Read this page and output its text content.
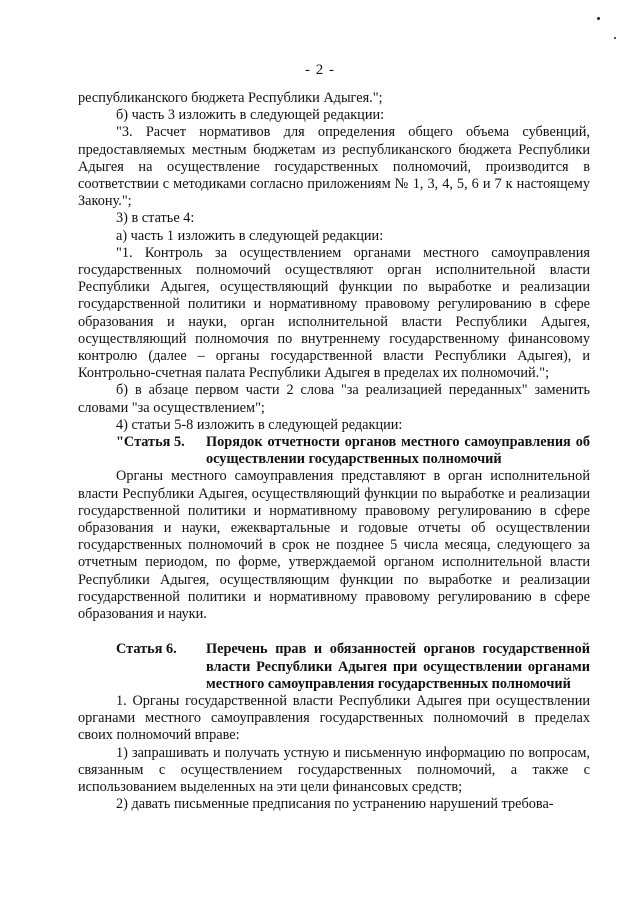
- 2 -

республиканского бюджета Республики Адыгея.";

б) часть 3 изложить в следующей редакции:

"3. Расчет нормативов для определения общего объема субвенций, предоставляемых местным бюджетам из республиканского бюджета Республики Адыгея на осуществление государственных полномочий, производится в соответствии с методиками согласно приложениям № 1, 3, 4, 5, 6 и 7 к настоящему Закону.";

3) в статье 4:

а) часть 1 изложить в следующей редакции:

"1. Контроль за осуществлением органами местного самоуправления государственных полномочий осуществляют орган исполнительной власти Республики Адыгея, осуществляющий функции по выработке и реализации государственной политики и нормативному правовому регулированию в сфере образования и науки, орган исполнительной власти Республики Адыгея, осуществляющий полномочия по внутреннему государственному финансовому контролю (далее – органы государственной власти Республики Адыгея), и Контрольно-счетная палата Республики Адыгея в пределах их полномочий.";

б) в абзаце первом части 2 слова "за реализацией переданных" заменить словами "за осуществлением";

4) статьи 5-8 изложить в следующей редакции:

"Статья 5.	Порядок отчетности органов местного самоуправления об осуществлении государственных полномочий

Органы местного самоуправления представляют в орган исполнительной власти Республики Адыгея, осуществляющий функции по выработке и реализации государственной политики и нормативному правовому регулированию в сфере образования и науки, ежеквартальные и годовые отчеты об осуществлении государственных полномочий в срок не позднее 5 числа месяца, следующего за отчетным периодом, по форме, утверждаемой органом исполнительной власти Республики Адыгея, осуществляющим функции по выработке и реализации государственной политики и нормативному правовому регулированию в сфере образования и науки.

Статья 6.	Перечень прав и обязанностей органов государственной власти Республики Адыгея при осуществлении органами местного самоуправления государственных полномочий

1. Органы государственной власти Республики Адыгея при осуществлении органами местного самоуправления государственных полномочий в пределах своих полномочий вправе:

1) запрашивать и получать устную и письменную информацию по вопросам, связанным с осуществлением государственных полномочий, а также с использованием выделенных на эти цели финансовых средств;

2) давать письменные предписания по устранению нарушений требова-
